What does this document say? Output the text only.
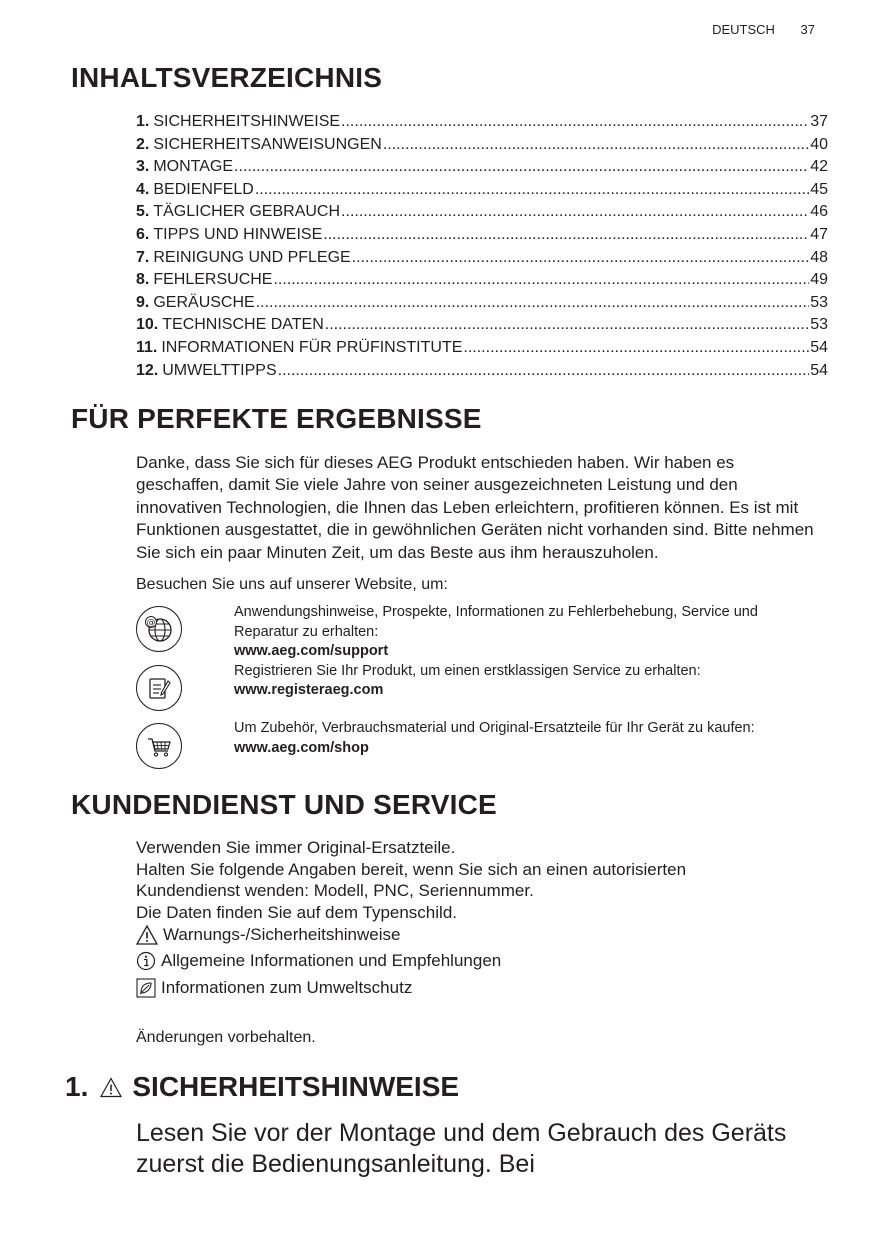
DEUTSCH 37
INHALTSVERZEICHNIS
1. SICHERHEITSHINWEISE .....	37
2. SICHERHEITSANWEISUNGEN .....	40
3. MONTAGE .....	42
4. BEDIENFELD .....	45
5. TÄGLICHER GEBRAUCH .....	46
6. TIPPS UND HINWEISE .....	47
7. REINIGUNG UND PFLEGE .....	48
8. FEHLERSUCHE .....	49
9. GERÄUSCHE .....	53
10. TECHNISCHE DATEN .....	53
11. INFORMATIONEN FÜR PRÜFINSTITUTE .....	54
12. UMWELTTIPPS .....	54
FÜR PERFEKTE ERGEBNISSE

Danke, dass Sie sich für dieses AEG Produkt entschieden haben. Wir haben es geschaffen, damit Sie viele Jahre von seiner ausgezeichneten Leistung und den innovativen Technologien, die Ihnen das Leben erleichtern, profitieren können. Es ist mit Funktionen ausgestattet, die in gewöhnlichen Geräten nicht vorhanden sind. Bitte nehmen Sie sich ein paar Minuten Zeit, um das Beste aus ihm herauszuholen.

Besuchen Sie uns auf unserer Website, um:

@
Anwendungshinweise, Prospekte, Informationen zu Fehlerbehebung, Service und Reparatur zu erhalten:
www.aeg.com/support
Registrieren Sie Ihr Produkt, um einen erstklassigen Service zu erhalten:
www.registeraeg.com
Um Zubehör, Verbrauchsmaterial und Original-Ersatzteile für Ihr Gerät zu kaufen:
www.aeg.com/shop
KUNDENDIENST UND SERVICE
Verwenden Sie immer Original-Ersatzteile.
Halten Sie folgende Angaben bereit, wenn Sie sich an einen autorisierten Kundendienst wenden: Modell, PNC, Seriennummer.
Die Daten finden Sie auf dem Typenschild.
Warnungs-/Sicherheitshinweise
Allgemeine Informationen und Empfehlungen
Informationen zum Umweltschutz
Änderungen vorbehalten.
1. SICHERHEITSHINWEISE

Lesen Sie vor der Montage und dem Gebrauch des Geräts zuerst die Bedienungsanleitung. Bei
